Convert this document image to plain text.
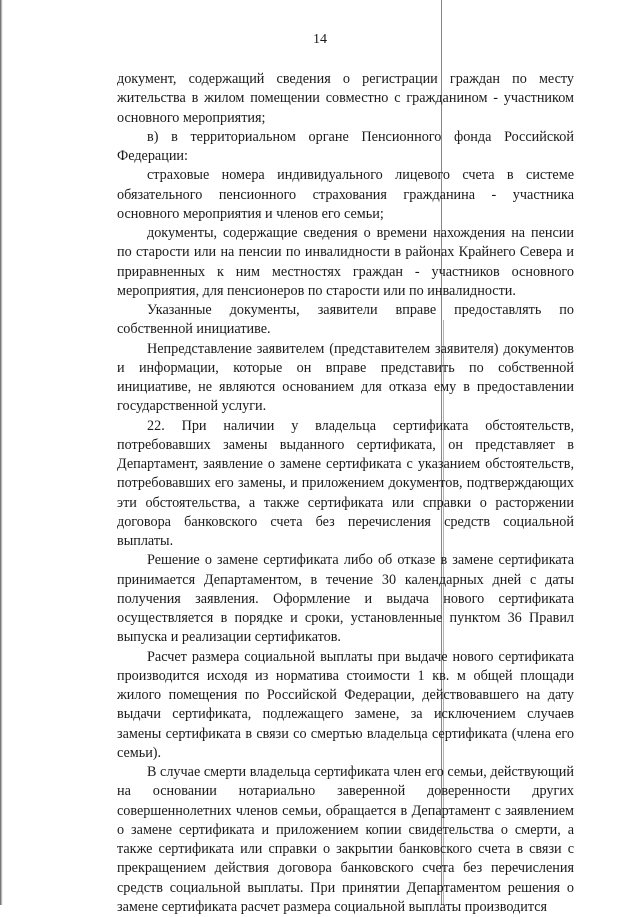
14

документ, содержащий сведения о регистрации граждан по месту жительства в жилом помещении совместно с гражданином - участником основного мероприятия;

в) в территориальном органе Пенсионного фонда Российской Федерации:

страховые номера индивидуального лицевого счета в системе обязательного пенсионного страхования гражданина - участника основного мероприятия и членов его семьи;

документы, содержащие сведения о времени нахождения на пенсии по старости или на пенсии по инвалидности в районах Крайнего Севера и приравненных к ним местностях граждан - участников основного мероприятия, для пенсионеров по старости или по инвалидности.

Указанные документы, заявители вправе предоставлять по собственной инициативе.

Непредставление заявителем (представителем заявителя) документов и информации, которые он вправе представить по собственной инициативе, не являются основанием для отказа ему в предоставлении государственной услуги.

22. При наличии у владельца сертификата обстоятельств, потребовавших замены выданного сертификата, он представляет в Департамент, заявление о замене сертификата с указанием обстоятельств, потребовавших его замены, и приложением документов, подтверждающих эти обстоятельства, а также сертификата или справки о расторжении договора банковского счета без перечисления средств социальной выплаты.

Решение о замене сертификата либо об отказе в замене сертификата принимается Департаментом, в течение 30 календарных дней с даты получения заявления. Оформление и выдача нового сертификата осуществляется в порядке и сроки, установленные пунктом 36 Правил выпуска и реализации сертификатов.

Расчет размера социальной выплаты при выдаче нового сертификата производится исходя из норматива стоимости 1 кв. м общей площади жилого помещения по Российской Федерации, действовавшего на дату выдачи сертификата, подлежащего замене, за исключением случаев замены сертификата в связи со смертью владельца сертификата (члена его семьи).

В случае смерти владельца сертификата член его семьи, действующий на основании нотариально заверенной доверенности других совершеннолетних членов семьи, обращается в Департамент с заявлением о замене сертификата и приложением копии свидетельства о смерти, а также сертификата или справки о закрытии банковского счета в связи с прекращением действия договора банковского счета без перечисления средств социальной выплаты. При принятии Департаментом решения о замене сертификата расчет размера социальной выплаты производится
